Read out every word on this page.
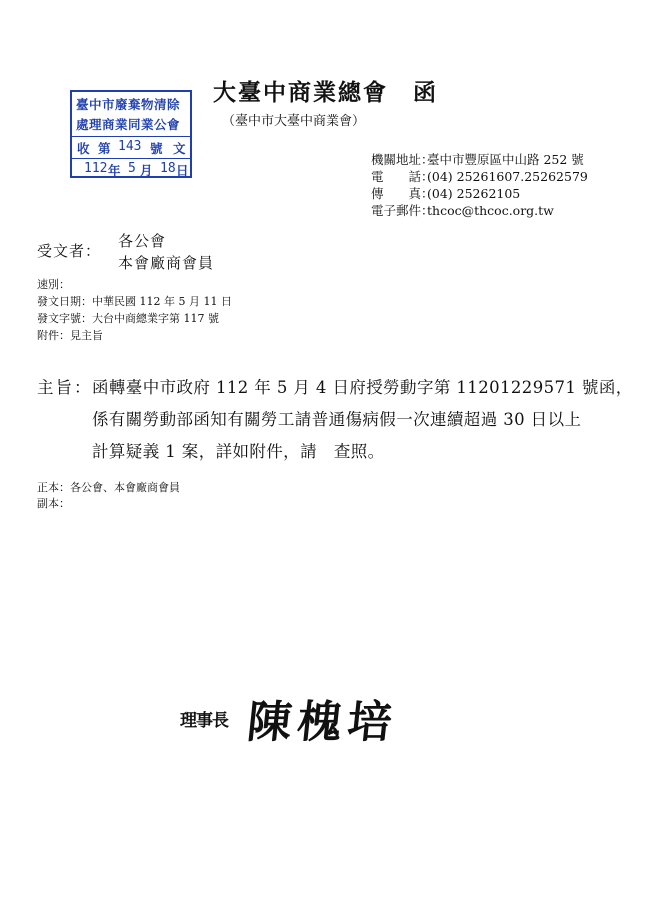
臺中市廢棄物清除
處理商業同業公會
收 第 143 號 文
112 年 5 月 18 日
大臺中商業總會　函
（臺中市大臺中商業會）
機關地址：臺中市豐原區中山路 252 號
電　　話：(04) 25261607.25262579
傳　　真：(04) 25262105
電子郵件：thcoc@thcoc.org.tw
受文者：
各公會
本會廠商會員
速別：
發文日期：中華民國 112 年 5 月 11 日
發文字號：大台中商總業字第 117 號
附件：見主旨
主旨： 函轉臺中市政府 112 年 5 月 4 日府授勞動字第 11201229571 號函，
係有關勞動部函知有關勞工請普通傷病假一次連續超過 30 日以上
計算疑義 1 案，詳如附件，請　查照。
正本：各公會、本會廠商會員
副本：
理事長 陳槐培
